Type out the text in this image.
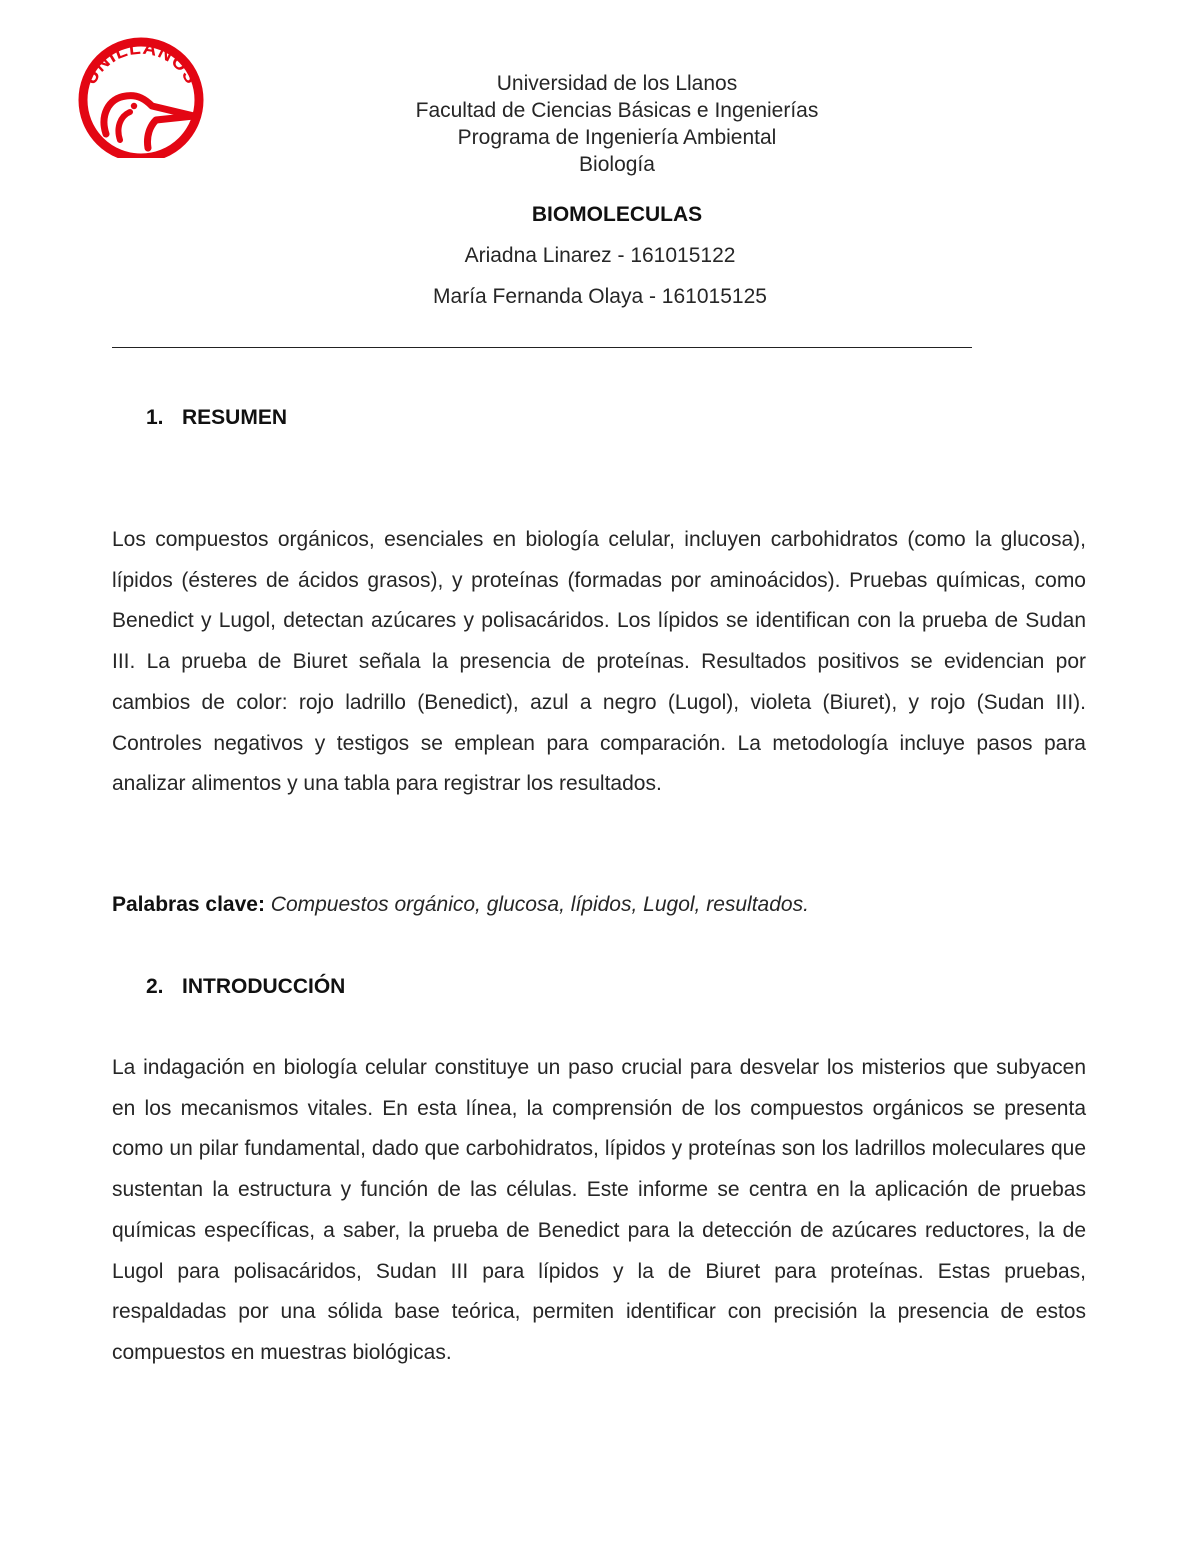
UNILLANOS	Universidad de los Llanos
Facultad de Ciencias Básicas e Ingenierías
Programa de Ingeniería Ambiental
Biología
BIOMOLECULAS
Ariadna Linarez - 161015122
María Fernanda Olaya - 161015125
1. RESUMEN
Los compuestos orgánicos, esenciales en biología celular, incluyen carbohidratos (como la glucosa), lípidos (ésteres de ácidos grasos), y proteínas (formadas por aminoácidos). Pruebas químicas, como Benedict y Lugol, detectan azúcares y polisacáridos. Los lípidos se identifican con la prueba de Sudan III. La prueba de Biuret señala la presencia de proteínas. Resultados positivos se evidencian por cambios de color: rojo ladrillo (Benedict), azul a negro (Lugol), violeta (Biuret), y rojo (Sudan III). Controles negativos y testigos se emplean para comparación. La metodología incluye pasos para analizar alimentos y una tabla para registrar los resultados.
Palabras clave: Compuestos orgánico, glucosa, lípidos, Lugol, resultados.
2. INTRODUCCIÓN
La indagación en biología celular constituye un paso crucial para desvelar los misterios que subyacen en los mecanismos vitales. En esta línea, la comprensión de los compuestos orgánicos se presenta como un pilar fundamental, dado que carbohidratos, lípidos y proteínas son los ladrillos moleculares que sustentan la estructura y función de las células. Este informe se centra en la aplicación de pruebas químicas específicas, a saber, la prueba de Benedict para la detección de azúcares reductores, la de Lugol para polisacáridos, Sudan III para lípidos y la de Biuret para proteínas. Estas pruebas, respaldadas por una sólida base teórica, permiten identificar con precisión la presencia de estos compuestos en muestras biológicas.
